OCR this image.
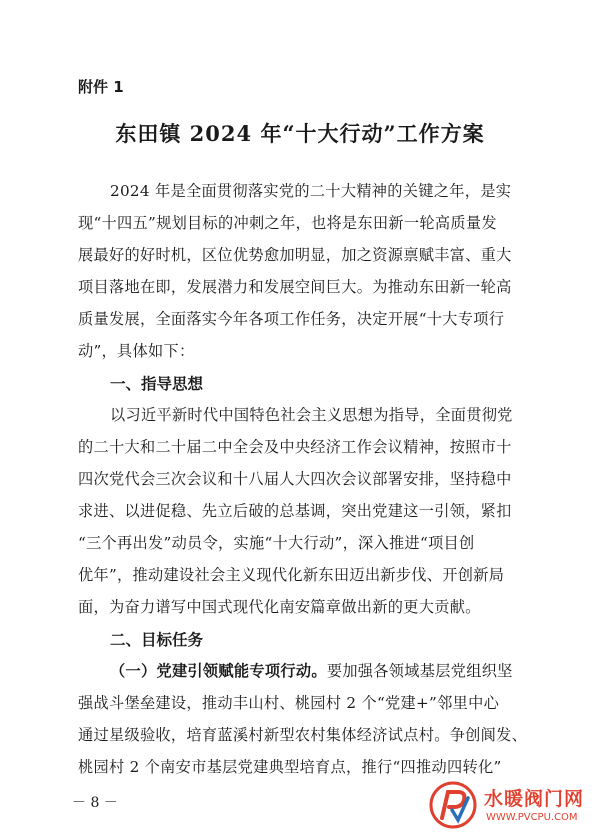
附件 1
东田镇 2024 年“十大行动”工作方案
2024 年是全面贯彻落实党的二十大精神的关键之年，是实
现“十四五”规划目标的冲刺之年，也将是东田新一轮高质量发
展最好的好时机，区位优势愈加明显，加之资源禀赋丰富、重大
项目落地在即，发展潜力和发展空间巨大。为推动东田新一轮高
质量发展，全面落实今年各项工作任务，决定开展“十大专项行
动”，具体如下：
一、指导思想
以习近平新时代中国特色社会主义思想为指导，全面贯彻党
的二十大和二十届二中全会及中央经济工作会议精神，按照市十
四次党代会三次会议和十八届人大四次会议部署安排，坚持稳中
求进、以进促稳、先立后破的总基调，突出党建这一引领，紧扣
“三个再出发”动员令，实施“十大行动”，深入推进“项目创
优年”，推动建设社会主义现代化新东田迈出新步伐、开创新局
面，为奋力谱写中国式现代化南安篇章做出新的更大贡献。
二、目标任务
（一）党建引领赋能专项行动。要加强各领域基层党组织坚
强战斗堡垒建设，推动丰山村、桃园村 2 个“党建+”邻里中心
通过星级验收，培育蓝溪村新型农村集体经济试点村。争创阆发、
桃园村 2 个南安市基层党建典型培育点，推行“四推动四转化”
－ 8 －	水暖阀门网
WWW.PVCPU.COM
